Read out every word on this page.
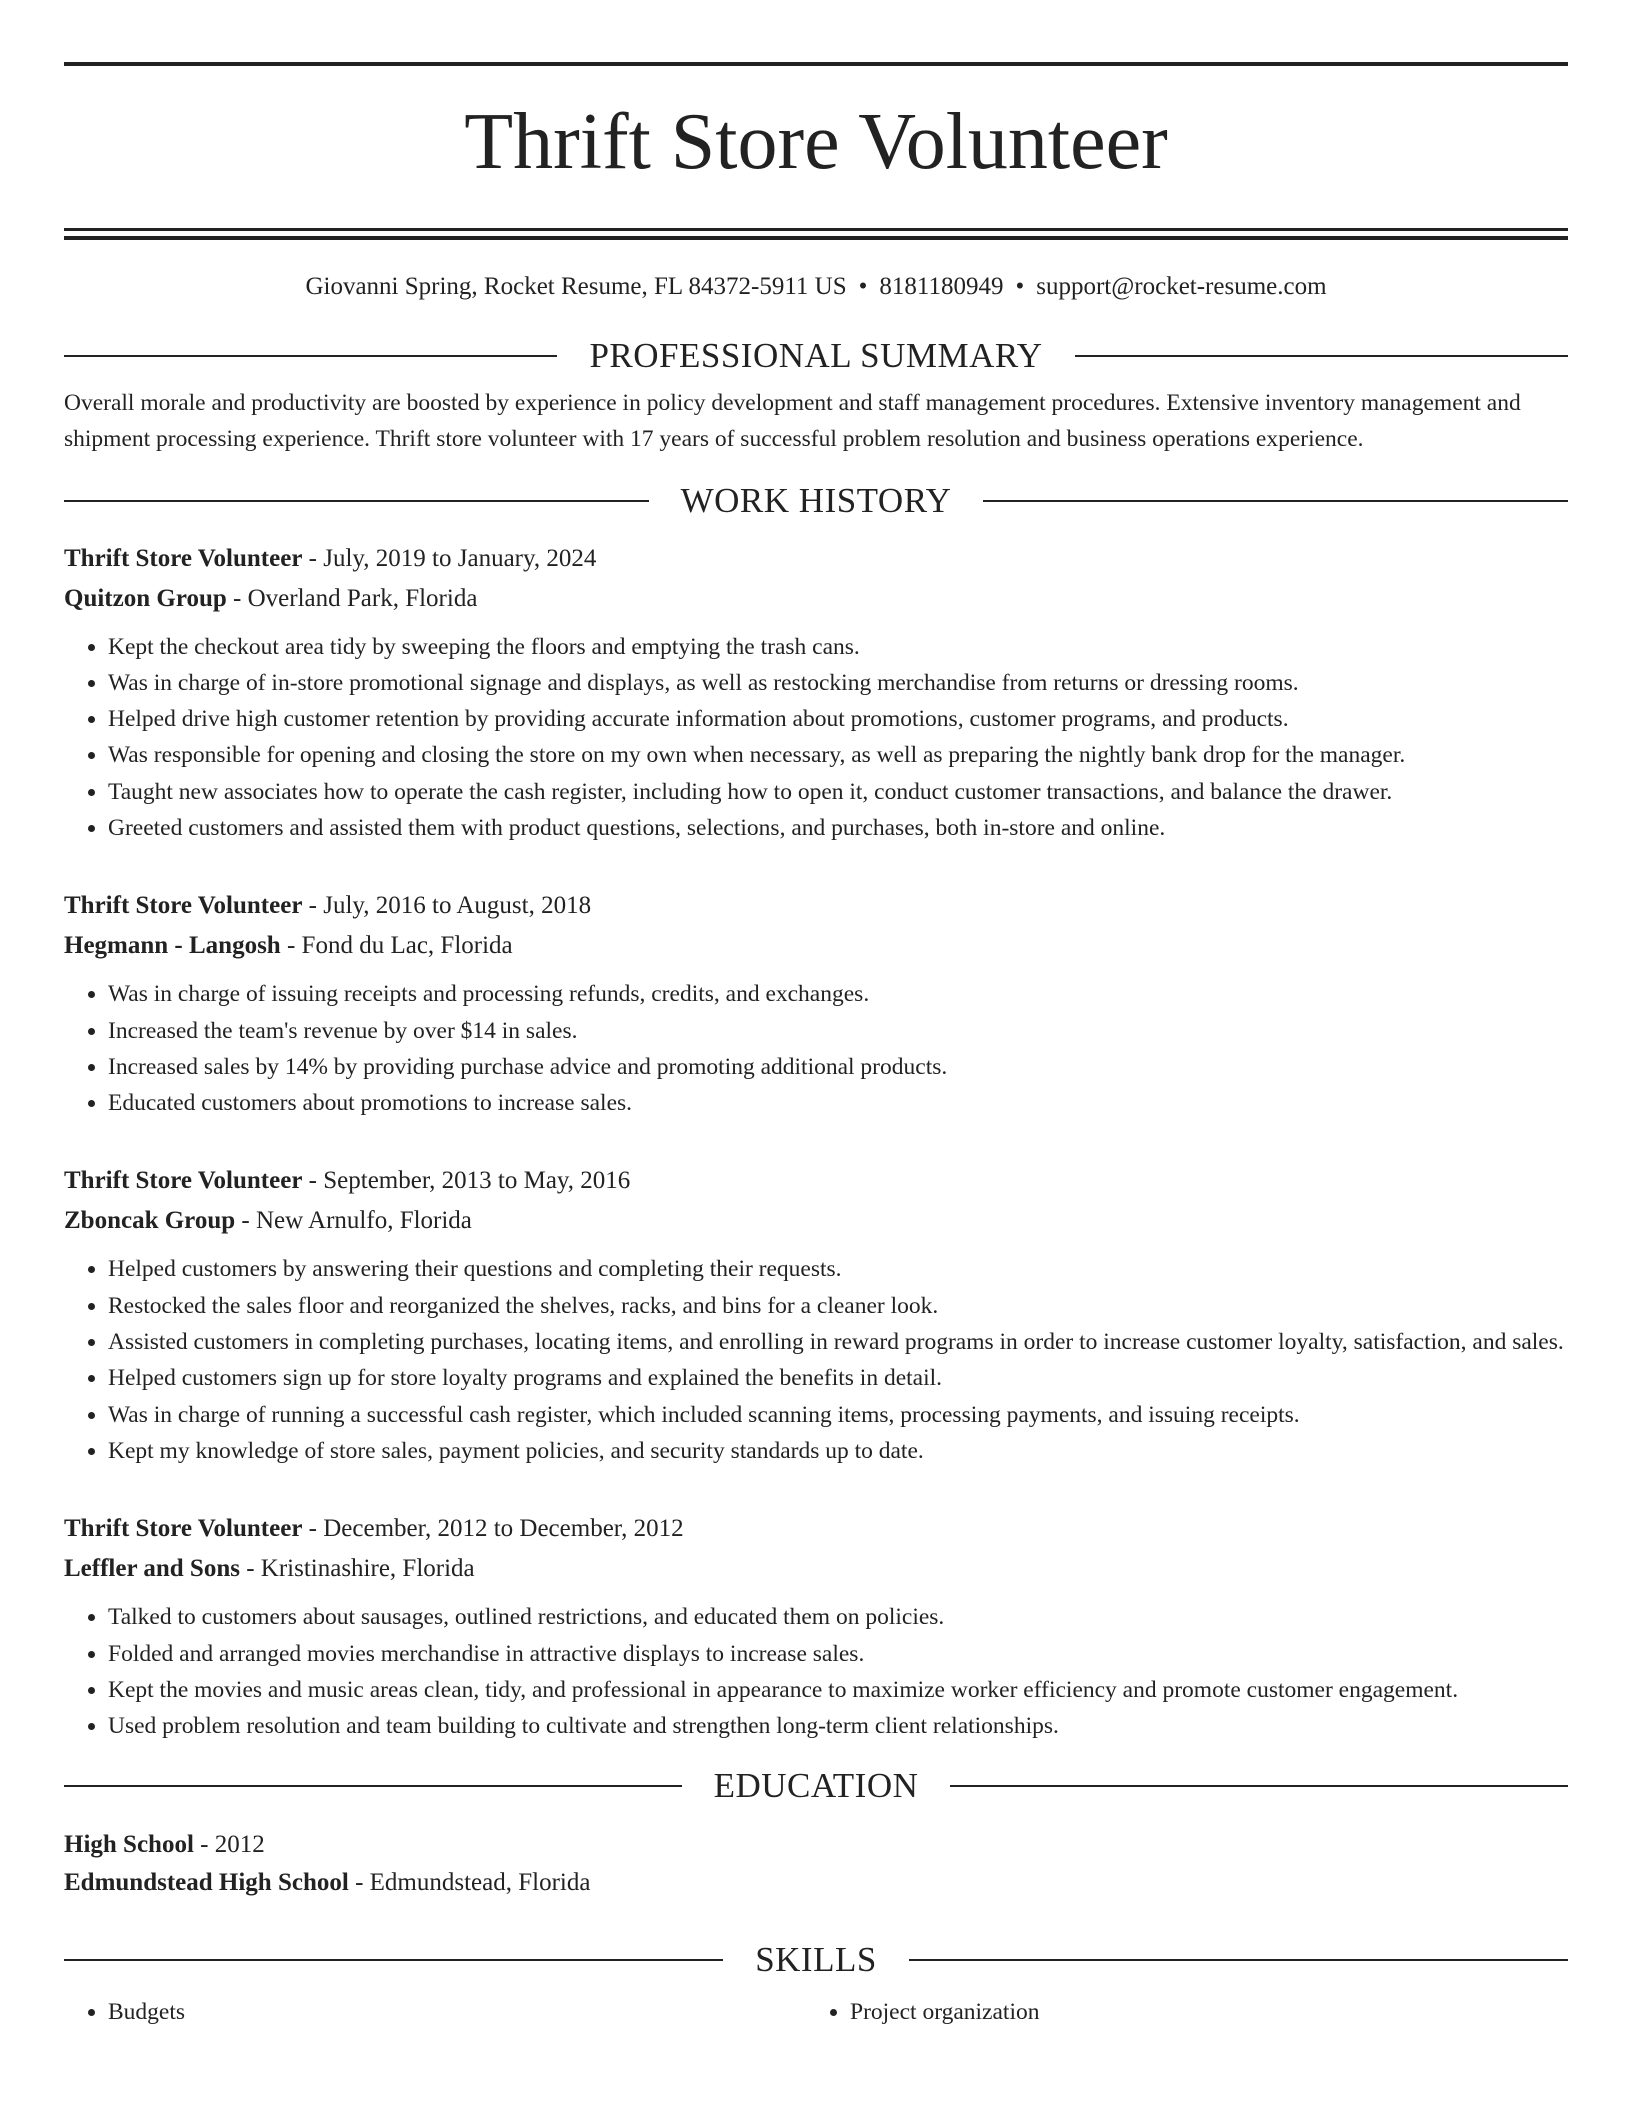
Thrift Store Volunteer
Giovanni Spring, Rocket Resume, FL 84372-5911 US • 8181180949 • support@rocket-resume.com
PROFESSIONAL SUMMARY

Overall morale and productivity are boosted by experience in policy development and staff management procedures. Extensive inventory management and shipment processing experience. Thrift store volunteer with 17 years of successful problem resolution and business operations experience.

WORK HISTORY
Thrift Store Volunteer - July, 2019 to January, 2024
Quitzon Group - Overland Park, Florida
• Kept the checkout area tidy by sweeping the floors and emptying the trash cans.
• Was in charge of in-store promotional signage and displays, as well as restocking merchandise from returns or dressing rooms.
• Helped drive high customer retention by providing accurate information about promotions, customer programs, and products.
• Was responsible for opening and closing the store on my own when necessary, as well as preparing the nightly bank drop for the manager.
• Taught new associates how to operate the cash register, including how to open it, conduct customer transactions, and balance the drawer.
• Greeted customers and assisted them with product questions, selections, and purchases, both in-store and online.
Thrift Store Volunteer - July, 2016 to August, 2018
Hegmann - Langosh - Fond du Lac, Florida
• Was in charge of issuing receipts and processing refunds, credits, and exchanges.
• Increased the team's revenue by over $14 in sales.
• Increased sales by 14% by providing purchase advice and promoting additional products.
• Educated customers about promotions to increase sales.
Thrift Store Volunteer - September, 2013 to May, 2016
Zboncak Group - New Arnulfo, Florida
• Helped customers by answering their questions and completing their requests.
• Restocked the sales floor and reorganized the shelves, racks, and bins for a cleaner look.
• Assisted customers in completing purchases, locating items, and enrolling in reward programs in order to increase customer loyalty, satisfaction, and sales.
• Helped customers sign up for store loyalty programs and explained the benefits in detail.
• Was in charge of running a successful cash register, which included scanning items, processing payments, and issuing receipts.
• Kept my knowledge of store sales, payment policies, and security standards up to date.
Thrift Store Volunteer - December, 2012 to December, 2012
Leffler and Sons - Kristinashire, Florida
• Talked to customers about sausages, outlined restrictions, and educated them on policies.
• Folded and arranged movies merchandise in attractive displays to increase sales.
• Kept the movies and music areas clean, tidy, and professional in appearance to maximize worker efficiency and promote customer engagement.
• Used problem resolution and team building to cultivate and strengthen long-term client relationships.
EDUCATION
High School - 2012
Edmundstead High School - Edmundstead, Florida
SKILLS
• Budgets
•	Project organization
